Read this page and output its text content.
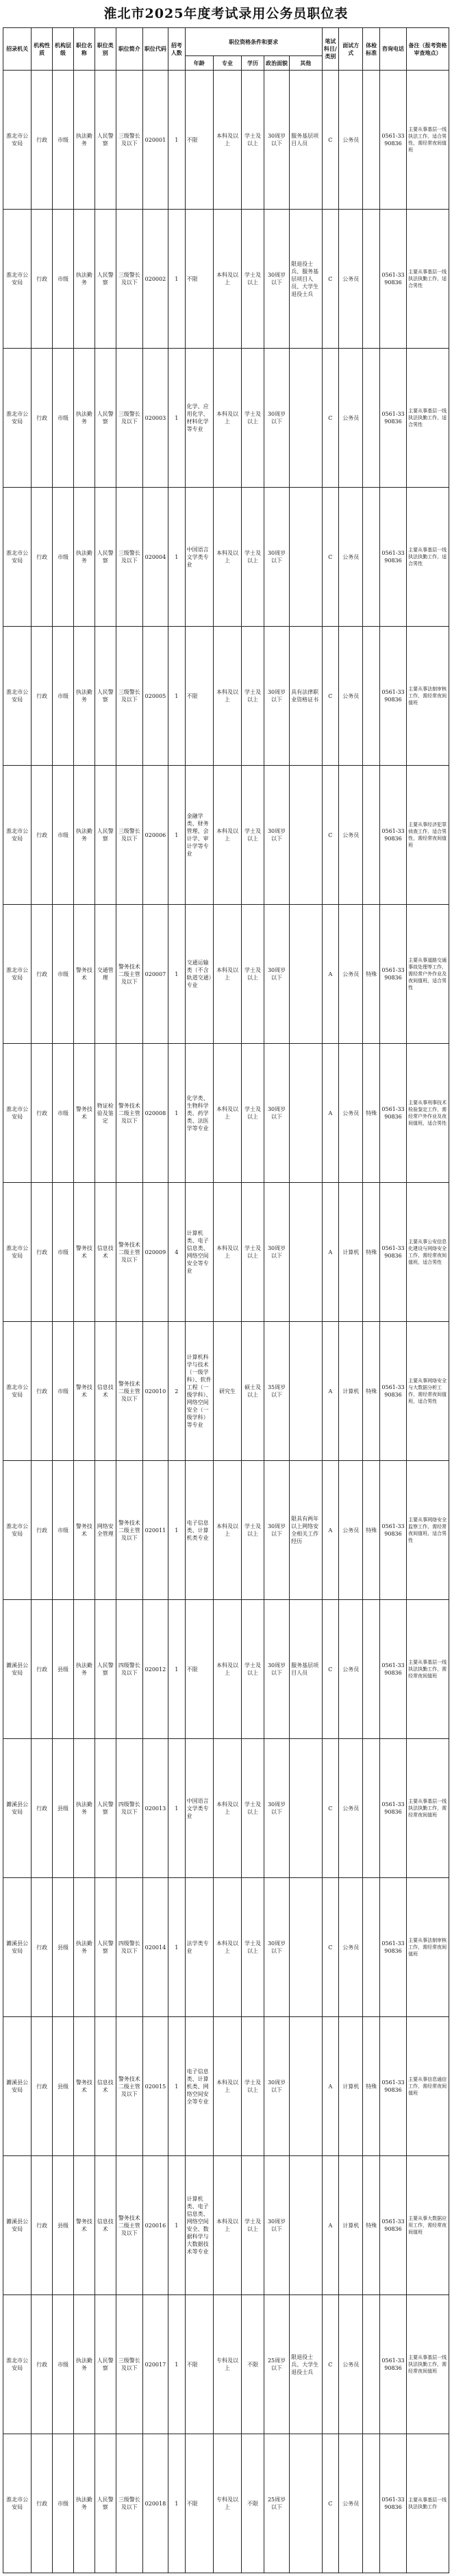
淮北市2025年度考试录用公务员职位表
招录机关	机构性质	机构层级	职位名称	职位类别	职位简介	职位代码	招考人数	职位资格条件和要求					笔试科目/类别	面试方式	体检标准	咨询电话	备注（报考资格审查地点）
								年龄	专业	学历	政治面貌	其他					
淮北市公安局	行政	市级	执法勤务	人民警察	三级警长及以下	020001	1	不限	本科及以上	学士及以上	30周岁以下	服务基层项目人员	C	公务员		0561-3390836	主要从事基层一线执法工作，适合男性，需经常夜间值班
淮北市公安局	行政	市级	执法勤务	人民警察	三级警长及以下	020002	1	不限	本科及以上	学士及以上	30周岁以下	限退役士兵、服务基层项目人员、大学生退役士兵	C	公务员		0561-3390836	主要从事基层一线执法执勤工作，适合男性
淮北市公安局	行政	市级	执法勤务	人民警察	三级警长及以下	020003	1	化学、应用化学、材料化学等专业	本科及以上	学士及以上	30周岁以下		C	公务员		0561-3390836	主要从事基层一线执法执勤工作，适合男性
淮北市公安局	行政	市级	执法勤务	人民警察	三级警长及以下	020004	1	中国语言文学类专业	本科及以上	学士及以上	30周岁以下		C	公务员		0561-3390836	主要从事基层一线执法执勤工作，适合男性
淮北市公安局	行政	市级	执法勤务	人民警察	三级警长及以下	020005	1	不限	本科及以上	学士及以上	30周岁以下	具有法律职业资格证书	C	公务员		0561-3390836	主要从事法制审核工作，需经常夜间值班
淮北市公安局	行政	市级	执法勤务	人民警察	三级警长及以下	020006	1	金融学类、财务管理、会计学、审计学等专业	本科及以上	学士及以上	30周岁以下		C	公务员		0561-3390836	主要从事经济犯罪侦查工作，适合男性，需经常夜间值班
淮北市公安局	行政	市级	警务技术	交通管理	警务技术二级主管及以下	020007	1	交通运输类（不含轨道交通）专业	本科及以上	学士及以上	30周岁以下		A	公务员	特殊	0561-3390836	主要从事道路交通事故处理等工作，需经常户外作业及夜间值班，适合男性
淮北市公安局	行政	市级	警务技术	物证检验及鉴定	警务技术二级主管及以下	020008	1	化学类、生物科学类、药学类、法医学等专业	本科及以上	学士及以上	30周岁以下		A	公务员	特殊	0561-3390836	主要从事刑事技术检验鉴定工作，需经常户外作业及夜间值班，适合男性
淮北市公安局	行政	市级	警务技术	信息技术	警务技术二级主管及以下	020009	4	计算机类、电子信息类、网络空间安全等专业	本科及以上	学士及以上	30周岁以下		A	计算机	特殊	0561-3390836	主要从事公安信息化建设与网络安全工作，需经常夜间值班，适合男性
淮北市公安局	行政	市级	警务技术	信息技术	警务技术二级主管及以下	020010	2	计算机科学与技术（一级学科）、软件工程（一级学科）、网络空间安全（一级学科）等专业	研究生	硕士及以上	35周岁以下		A	计算机	特殊	0561-3390836	主要从事网络安全与大数据分析工作，需经常夜间值班，适合男性
淮北市公安局	行政	市级	警务技术	网络安全管理	警务技术二级主管及以下	020011	1	电子信息类、计算机类专业	本科及以上	学士及以上	30周岁以下	限具有两年以上网络安全相关工作经历	A	公务员	特殊	0561-3390836	主要从事网络安全监察工作，需经常夜间值班，适合男性
濉溪县公安局	行政	县级	执法勤务	人民警察	四级警长及以下	020012	1	不限	本科及以上	学士及以上	30周岁以下	服务基层项目人员	C	公务员		0561-3390836	主要从事基层一线执法执勤工作，需经常夜间值班
濉溪县公安局	行政	县级	执法勤务	人民警察	四级警长及以下	020013	1	中国语言文学类专业	本科及以上	学士及以上	30周岁以下		C	公务员		0561-3390836	主要从事基层一线执法执勤工作，需经常夜间值班
濉溪县公安局	行政	县级	执法勤务	人民警察	四级警长及以下	020014	1	法学类专业	本科及以上	学士及以上	30周岁以下		C	公务员		0561-3390836	主要从事法制审核工作，需经常夜间值班
濉溪县公安局	行政	县级	警务技术	信息技术	警务技术二级主管及以下	020015	1	电子信息类、计算机类、网络空间安全等专业	本科及以上	学士及以上	30周岁以下		A	计算机	特殊	0561-3390836	主要从事信息通信工作，需经常夜间值班
濉溪县公安局	行政	县级	警务技术	信息技术	警务技术二级主管及以下	020016	1	计算机类、电子信息类、网络空间安全、数据科学与大数据技术等专业	本科及以上	学士及以上	30周岁以下		A	计算机	特殊	0561-3390836	主要从事大数据应用工作，需经常夜间值班
淮北市公安局	行政	市级	执法勤务	人民警察	三级警长及以下	020017	1	不限	专科及以上	不限	25周岁以下	限退役士兵、大学生退役士兵	C	公务员		0561-3390836	主要从事基层一线执法执勤工作，需经常夜间值班
淮北市公安局	行政	市级	执法勤务	人民警察	三级警长及以下	020018	1	不限	专科及以上	不限	25周岁以下		C	公务员		0561-3390836	主要从事基层一线执法执勤工作
